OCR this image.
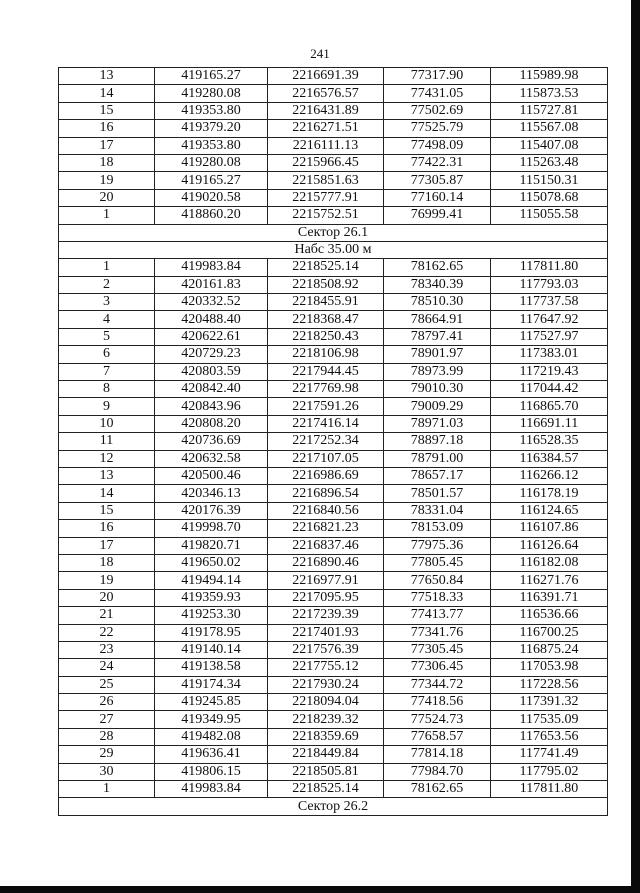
241
13	419165.27	2216691.39	77317.90	115989.98
14	419280.08	2216576.57	77431.05	115873.53
15	419353.80	2216431.89	77502.69	115727.81
16	419379.20	2216271.51	77525.79	115567.08
17	419353.80	2216111.13	77498.09	115407.08
18	419280.08	2215966.45	77422.31	115263.48
19	419165.27	2215851.63	77305.87	115150.31
20	419020.58	2215777.91	77160.14	115078.68
1	418860.20	2215752.51	76999.41	115055.58
Сектор 26.1				
Набс 35.00 м				
1	419983.84	2218525.14	78162.65	117811.80
2	420161.83	2218508.92	78340.39	117793.03
3	420332.52	2218455.91	78510.30	117737.58
4	420488.40	2218368.47	78664.91	117647.92
5	420622.61	2218250.43	78797.41	117527.97
6	420729.23	2218106.98	78901.97	117383.01
7	420803.59	2217944.45	78973.99	117219.43
8	420842.40	2217769.98	79010.30	117044.42
9	420843.96	2217591.26	79009.29	116865.70
10	420808.20	2217416.14	78971.03	116691.11
11	420736.69	2217252.34	78897.18	116528.35
12	420632.58	2217107.05	78791.00	116384.57
13	420500.46	2216986.69	78657.17	116266.12
14	420346.13	2216896.54	78501.57	116178.19
15	420176.39	2216840.56	78331.04	116124.65
16	419998.70	2216821.23	78153.09	116107.86
17	419820.71	2216837.46	77975.36	116126.64
18	419650.02	2216890.46	77805.45	116182.08
19	419494.14	2216977.91	77650.84	116271.76
20	419359.93	2217095.95	77518.33	116391.71
21	419253.30	2217239.39	77413.77	116536.66
22	419178.95	2217401.93	77341.76	116700.25
23	419140.14	2217576.39	77305.45	116875.24
24	419138.58	2217755.12	77306.45	117053.98
25	419174.34	2217930.24	77344.72	117228.56
26	419245.85	2218094.04	77418.56	117391.32
27	419349.95	2218239.32	77524.73	117535.09
28	419482.08	2218359.69	77658.57	117653.56
29	419636.41	2218449.84	77814.18	117741.49
30	419806.15	2218505.81	77984.70	117795.02
1	419983.84	2218525.14	78162.65	117811.80
Сектор 26.2				
